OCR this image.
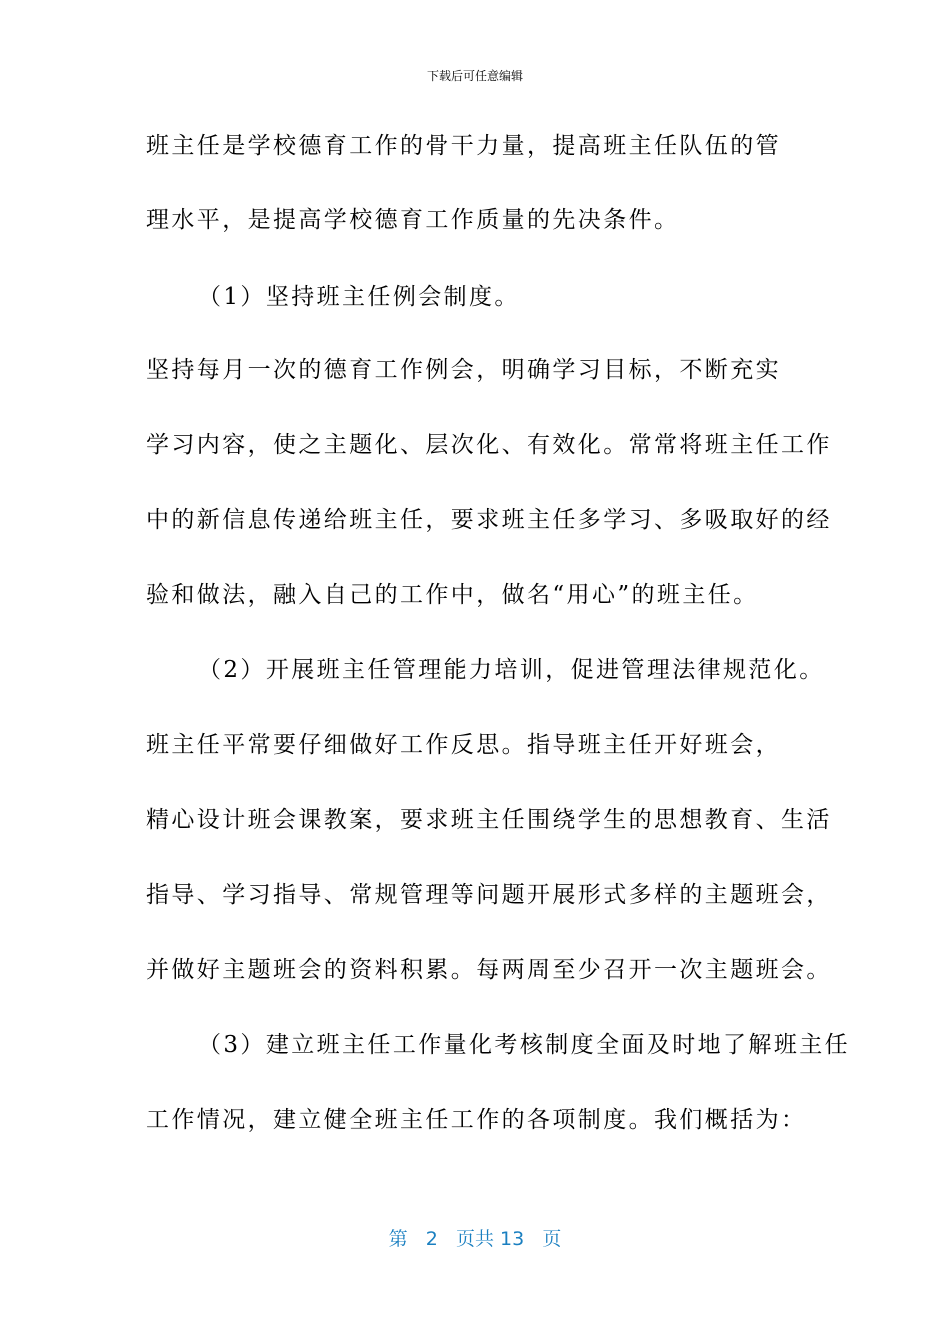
下载后可任意编辑
班主任是学校德育工作的骨干力量，提高班主任队伍的管
理水平，是提高学校德育工作质量的先决条件。
（1）坚持班主任例会制度。
坚持每月一次的德育工作例会，明确学习目标，不断充实
学习内容，使之主题化、层次化、有效化。常常将班主任工作
中的新信息传递给班主任，要求班主任多学习、多吸取好的经
验和做法，融入自己的工作中，做名“用心”的班主任。
（2）开展班主任管理能力培训，促进管理法律规范化。
班主任平常要仔细做好工作反思。指导班主任开好班会，
精心设计班会课教案，要求班主任围绕学生的思想教育、生活
指导、学习指导、常规管理等问题开展形式多样的主题班会，
并做好主题班会的资料积累。每两周至少召开一次主题班会。
（3）建立班主任工作量化考核制度全面及时地了解班主任
工作情况，建立健全班主任工作的各项制度。我们概括为：
第 2 页共 13 页
